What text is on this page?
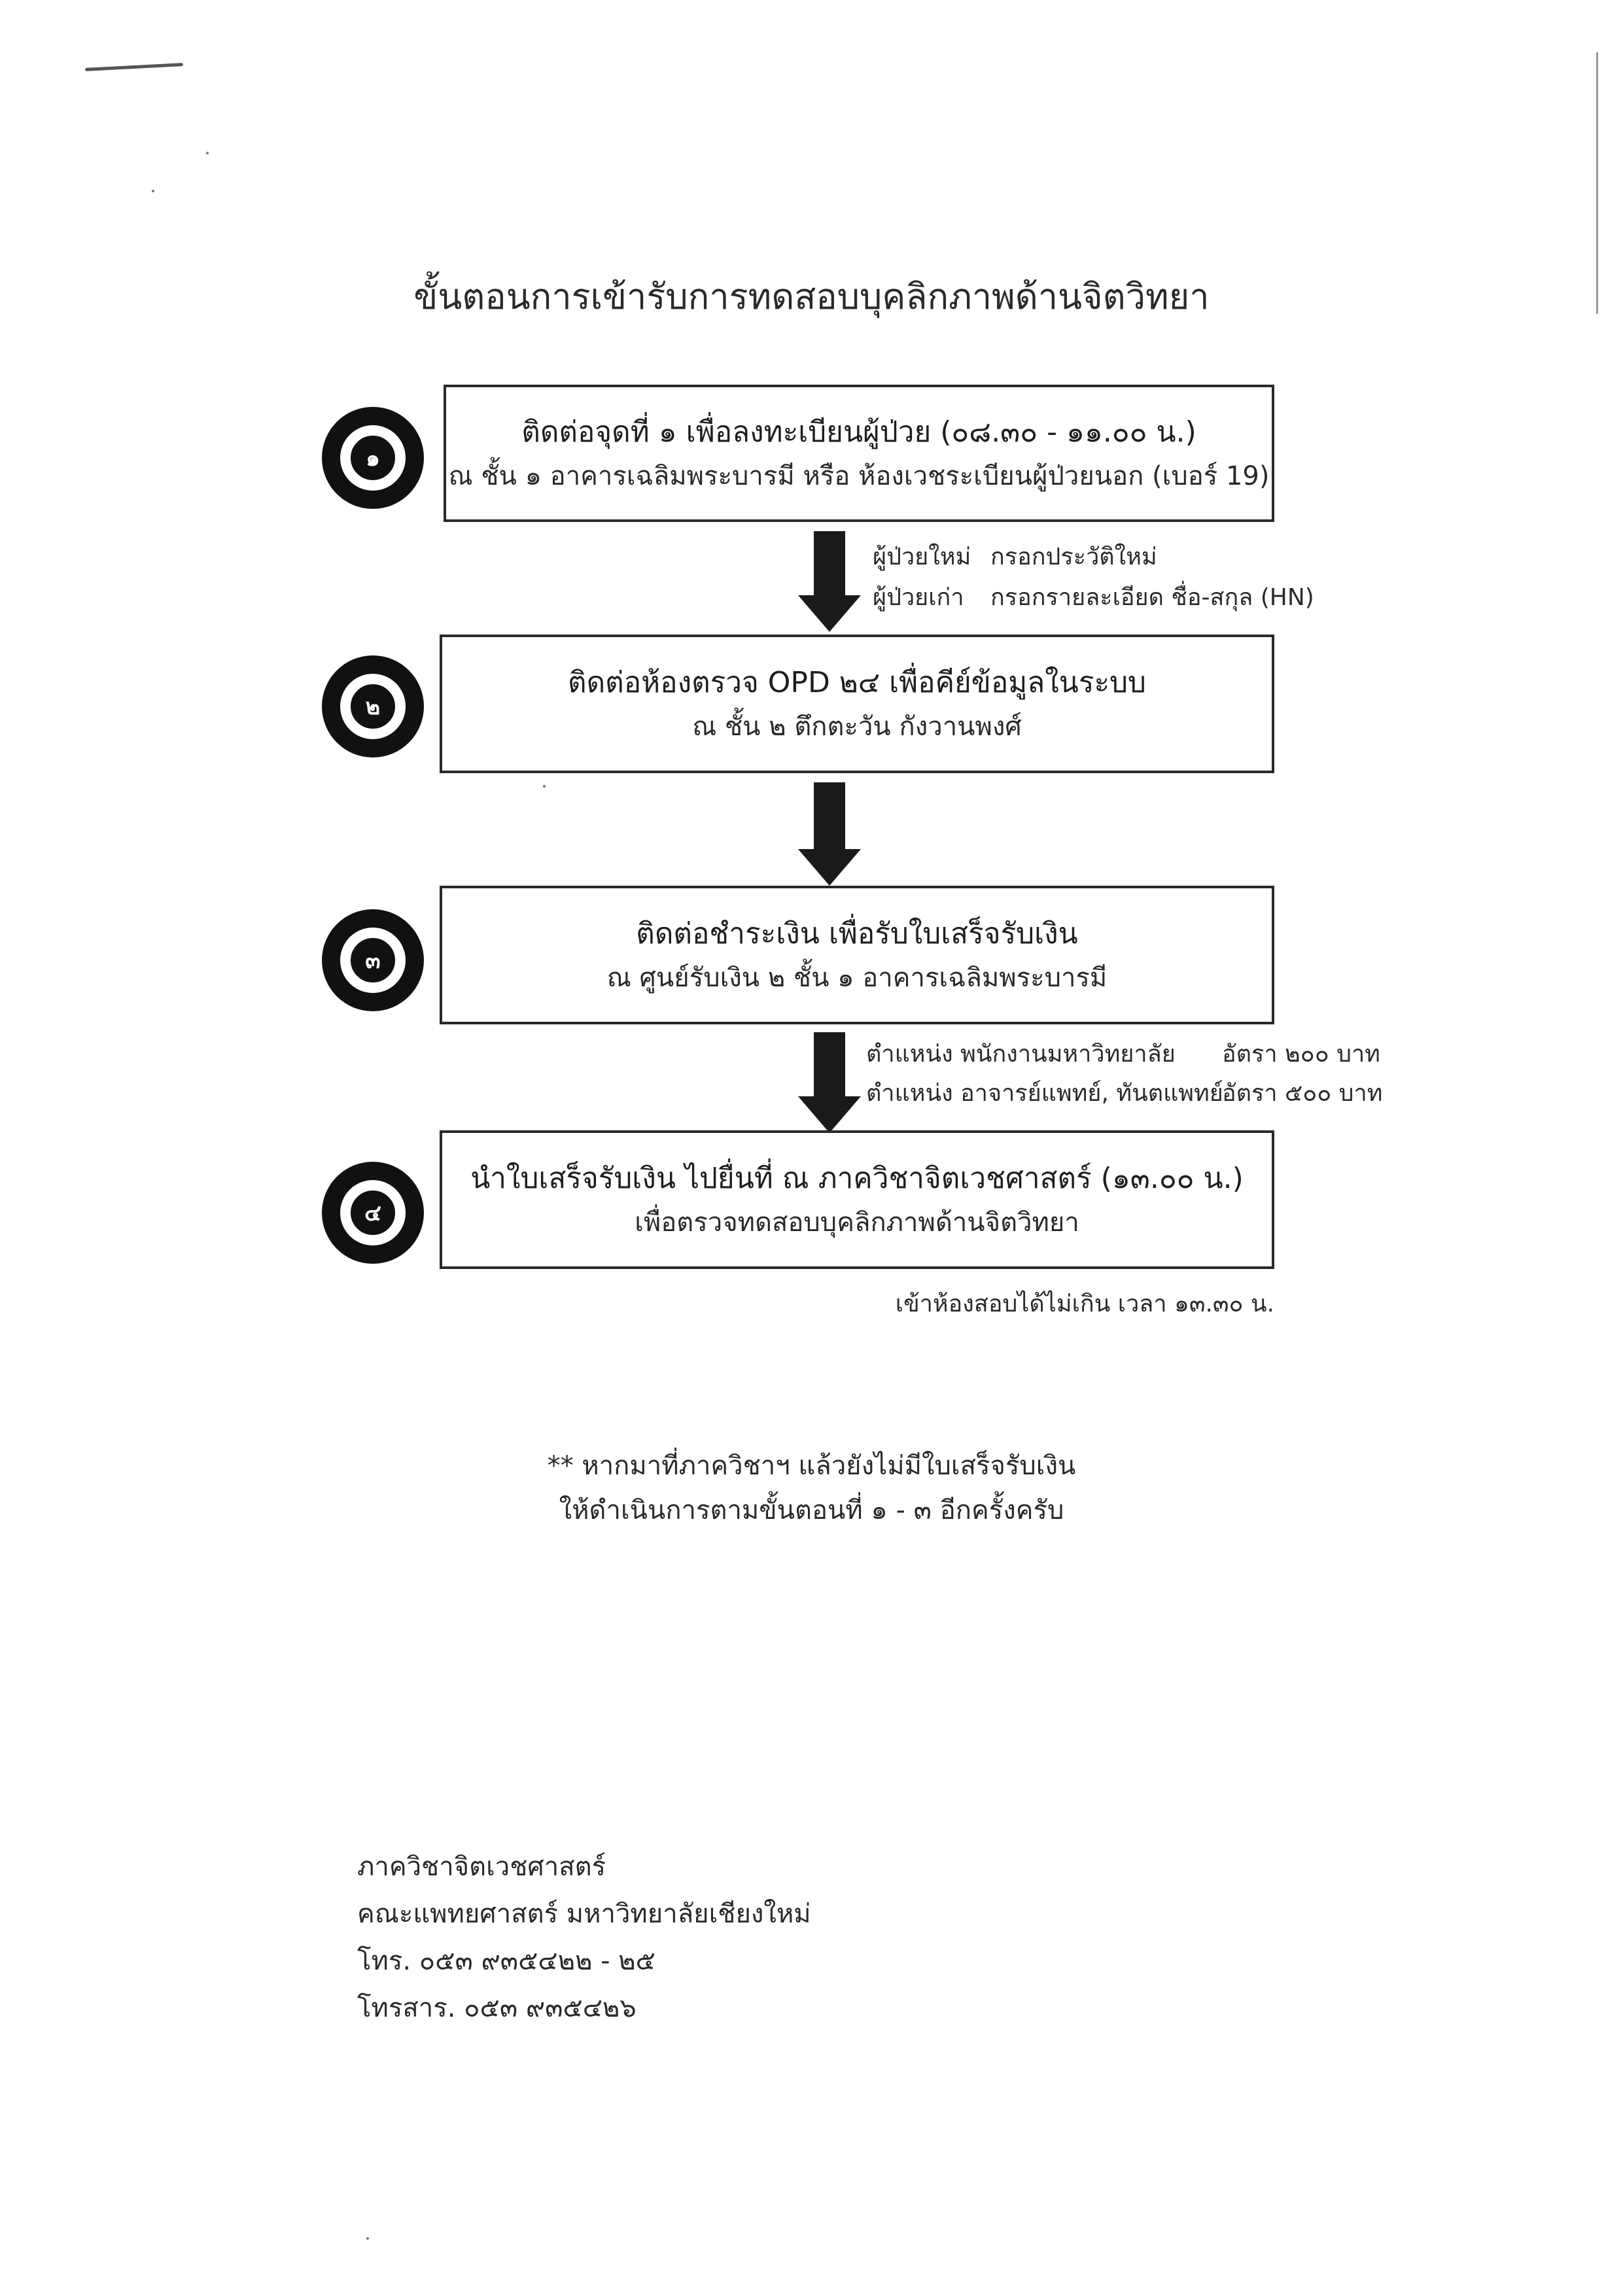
ขั้นตอนการเข้ารับการทดสอบบุคลิกภาพด้านจิตวิทยา
๑
ติดต่อจุดที่ ๑ เพื่อลงทะเบียนผู้ป่วย (๐๘.๓๐ - ๑๑.๐๐ น.)
ณ ชั้น ๑ อาคารเฉลิมพระบารมี หรือ ห้องเวชระเบียนผู้ป่วยนอก (เบอร์ 19)
ผู้ป่วยใหม่ กรอกประวัติใหม่
ผู้ป่วยเก่า กรอกรายละเอียด ชื่อ-สกุล (HN)
๒
ติดต่อห้องตรวจ OPD ๒๔ เพื่อคีย์ข้อมูลในระบบ
ณ ชั้น ๒ ตึกตะวัน กังวานพงศ์
๓
ติดต่อชำระเงิน เพื่อรับใบเสร็จรับเงิน
ณ ศูนย์รับเงิน ๒ ชั้น ๑ อาคารเฉลิมพระบารมี
ตำแหน่ง พนักงานมหาวิทยาลัย อัตรา ๒๐๐ บาท
ตำแหน่ง อาจารย์แพทย์, ทันตแพทย์
อัตรา ๕๐๐ บาท
๔
นำใบเสร็จรับเงิน ไปยื่นที่ ณ ภาควิชาจิตเวชศาสตร์ (๑๓.๐๐ น.)
เพื่อตรวจทดสอบบุคลิกภาพด้านจิตวิทยา
เข้าห้องสอบได้ไม่เกิน เวลา ๑๓.๓๐ น.
** หากมาที่ภาควิชาฯ แล้วยังไม่มีใบเสร็จรับเงิน
ให้ดำเนินการตามขั้นตอนที่ ๑ - ๓ อีกครั้งครับ
ภาควิชาจิตเวชศาสตร์
คณะแพทยศาสตร์ มหาวิทยาลัยเชียงใหม่
โทร. ๐๕๓ ๙๓๕๔๒๒ - ๒๕
โทรสาร. ๐๕๓ ๙๓๕๔๒๖
